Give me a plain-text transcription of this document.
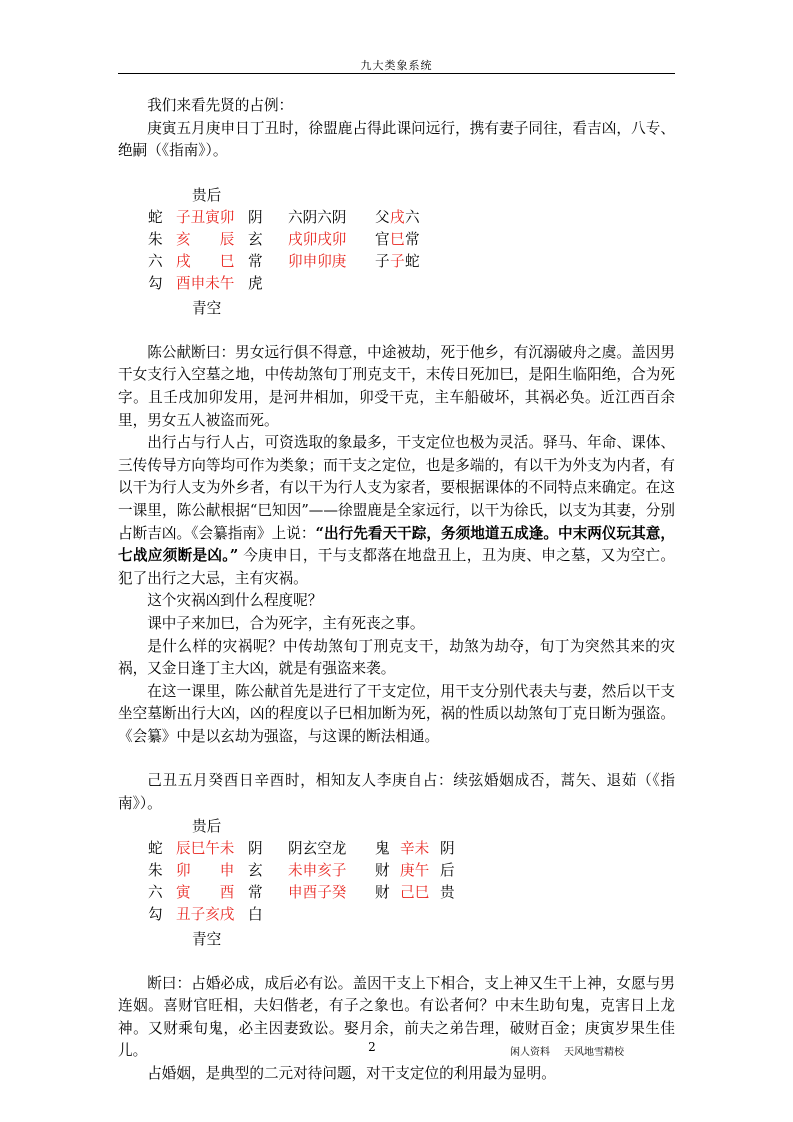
九大类象系统

我们来看先贤的占例：

庚寅五月庚申日丁丑时，徐盟鹿占得此课问远行，携有妻子同往，看吉凶，八专、绝嗣（《指南》）。

贵后
蛇 子丑寅卯 阴 六阴六阴 父 戌 六
朱 亥　　辰 玄 戌卯戌卯 官 巳 常
六 戌　　巳 常 卯申卯庚 子 子 蛇
勾 酉申未午 虎
青空

陈公献断曰：男女远行俱不得意，中途被劫，死于他乡，有沉溺破舟之虞。盖因男干女支行入空墓之地，中传劫煞旬丁刑克支干，末传日死加巳，是阳生临阳绝，合为死字。且壬戌加卯发用，是河井相加，卯受干克，主车船破坏，其祸必奂。近江西百余里，男女五人被盗而死。

出行占与行人占，可资选取的象最多，干支定位也极为灵活。驿马、年命、课体、三传传导方向等均可作为类象；而干支之定位，也是多端的，有以干为外支为内者，有以干为行人支为外乡者，有以干为行人支为家者，要根据课体的不同特点来确定。在这一课里，陈公献根据“巳知因”——徐盟鹿是全家远行，以干为徐氏，以支为其妻，分别占断吉凶。《会纂指南》上说：“出行先看天干踪，务须地道五成逢。中末两仪玩其意，七战应须断是凶。” 今庚申日，干与支都落在地盘丑上，丑为庚、申之墓，又为空亡。犯了出行之大忌，主有灾祸。

这个灾祸凶到什么程度呢？

课中子来加巳，合为死字，主有死丧之事。

是什么样的灾祸呢？中传劫煞旬丁刑克支干，劫煞为劫夺，旬丁为突然其来的灾祸，又金日逢丁主大凶，就是有强盗来袭。

在这一课里，陈公献首先是进行了干支定位，用干支分别代表夫与妻，然后以干支坐空墓断出行大凶，凶的程度以子巳相加断为死，祸的性质以劫煞旬丁克日断为强盗。《会纂》中是以玄劫为强盗，与这课的断法相通。

己丑五月癸酉日辛酉时，相知友人李庚自占：续弦婚姻成否，蒿矢、退茹（《指南》）。

贵后
蛇 辰巳午未 阴 阴玄空龙 鬼 辛未 阴
朱 卯　　申 玄 未申亥子 财 庚午 后
六 寅　　酉 常 申酉子癸 财 己巳 贵
勾 丑子亥戌 白
青空

断曰：占婚必成，成后必有讼。盖因干支上下相合，支上神又生干上神，女愿与男连姻。喜财官旺相，夫妇偕老，有子之象也。有讼者何？中末生助旬鬼，克害日上龙神。又财乘旬鬼，必主因妻致讼。娶月余，前夫之弟告理，破财百金；庚寅岁果生佳儿。

占婚姻，是典型的二元对待问题，对干支定位的利用最为显明。

2	闲人资料 天风地雪精校
